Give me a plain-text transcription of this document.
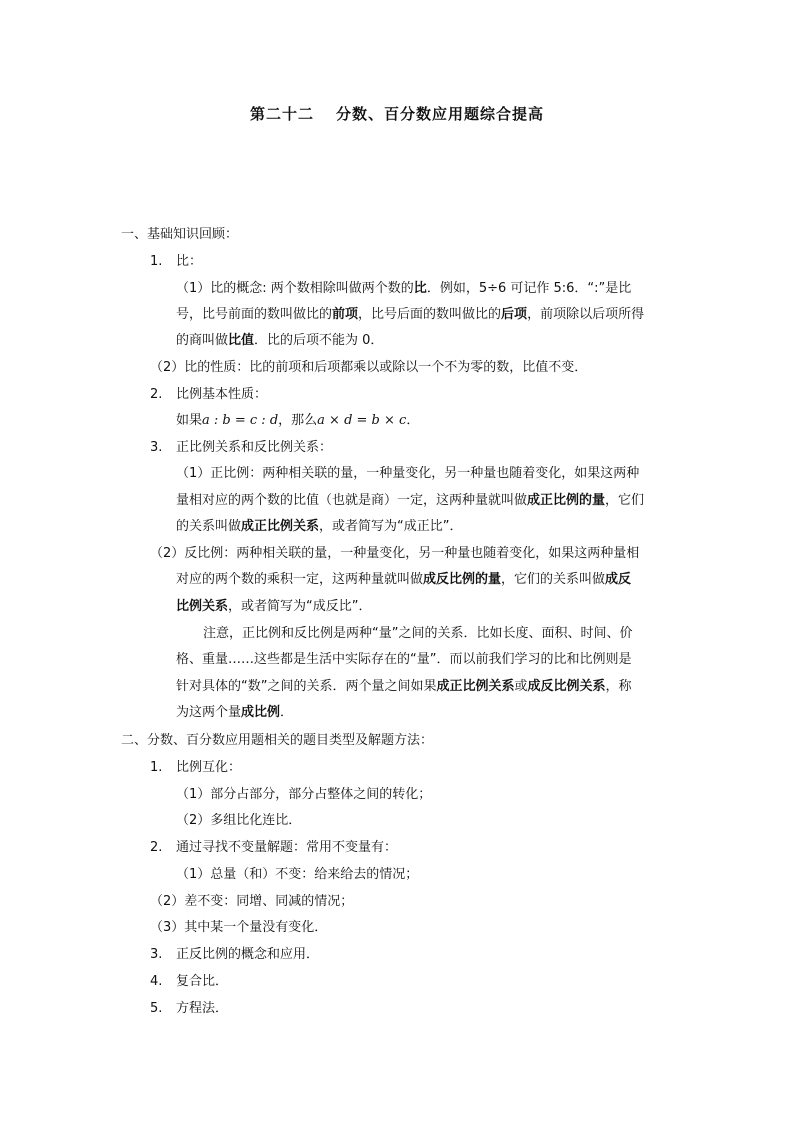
第二十二 分数、百分数应用题综合提高
一、基础知识回顾：
1. 比：
（1）比的概念: 两个数相除叫做两个数的比．例如，5÷6 可记作 5:6．“:”是比
号，比号前面的数叫做比的前项，比号后面的数叫做比的后项，前项除以后项所得
的商叫做比值．比的后项不能为 0．
（2）比的性质：比的前项和后项都乘以或除以一个不为零的数，比值不变．
2. 比例基本性质：
如果a : b = c : d，那么a × d = b × c．
3. 正比例关系和反比例关系：
（1）正比例：两种相关联的量，一种量变化，另一种量也随着变化，如果这两种
量相对应的两个数的比值（也就是商）一定，这两种量就叫做成正比例的量，它们
的关系叫做成正比例关系，或者简写为“成正比”．
（2）反比例：两种相关联的量，一种量变化，另一种量也随着变化，如果这两种量相
对应的两个数的乘积一定，这两种量就叫做成反比例的量，它们的关系叫做成反
比例关系，或者简写为“成反比”．
注意，正比例和反比例是两种“量”之间的关系．比如长度、面积、时间、价
格、重量……这些都是生活中实际存在的“量”．而以前我们学习的比和比例则是
针对具体的“数”之间的关系．两个量之间如果成正比例关系或成反比例关系，称
为这两个量成比例．
二、分数、百分数应用题相关的题目类型及解题方法：
1. 比例互化：
（1）部分占部分，部分占整体之间的转化；
（2）多组比化连比．
2. 通过寻找不变量解题：常用不变量有：
（1）总量（和）不变：给来给去的情况；
（2）差不变：同增、同减的情况；
（3）其中某一个量没有变化．
3. 正反比例的概念和应用．
4. 复合比．
5. 方程法．
